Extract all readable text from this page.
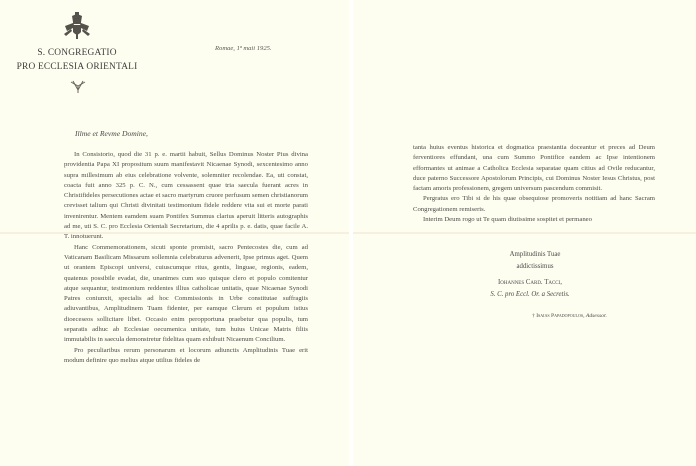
S. CONGREGATIO
PRO ECCLESIA ORIENTALI
Romae, 1ª maii 1925.
Illme et Revme Domine,

In Consistorio, quod die 31 p. e. martii habuit, Sellus Dominus Noster Pius divina providentia Papa XI propositum suum manifestavit Nicaenae Synodi, sexcentesimo anno supra millesimum ab eius celebratione volvente, solemniter recolendae. Ea, uti constat, coacta fuit anno 325 p. C. N., cum cessassent quae tria saecula fuerant acres in Christifideles persecutiones actae et sacro martyrum cruore perfusum semen christianorum crevisset talium qui Christi divinitati testimonium fidele reddere vita sui et morte parati invenirentur. Mentem eamdem suam Pontifex Summus clarius aperuit litteris autographis ad me, uti S. C. pro Ecclesia Orientali Secretarium, die 4 aprilis p. e. datis, quae facile A. T. innotuerunt.

Hanc Commemorationem, sicuti sponte promisit, sacro Pentecostes die, cum ad Vaticanam Basilicam Missarum sollemnia celebraturus advenerit, Ipse primus aget. Quem ut orantem Episcopi universi, cuiuscumque ritus, gentis, linguae, regionis, eadem, quatenus possibile evadat, die, unanimes cum suo quisque clero et populo comitentur atque sequantur, testimonium reddentes illius catholicae unitatis, quae Nicaenae Synodi Patres coniunxit, specialis ad hoc Commissionis in Urbe constitutae suffragiis adiuvantibus, Amplitudinem Tuam fidenter, per eamque Clerum et populum istius dioeceseos sollicitare libet. Occasio enim peropportuna praebetur qua populis, tum separatis adhuc ab Ecclesiae oecumenica unitate, tum huius Unicae Matris filiis immutabilis in saecula demonstretur fidelitas quam exhibuit Nicaenum Concilium.

Pro peculiaribus rerum personarum et locorum adiunctis Amplitudinis Tuae erit modum definire quo melius atque utilius fideles de

tanta huius eventus historica et dogmatica praestantia doceantur et preces ad Deum ferventiores effundant, una cum Summo Pontifice eandem ac Ipse intentionem efformantes ut animae a Catholica Ecclesia separatae quam citius ad Ovile reducantur, duce paterno Successore Apostolorum Principis, cui Dominus Noster Iesus Christus, post factam amoris professionem, gregem universum pascendum commisit.

Pergratus ero Tibi si de his quae obsequiose promoveris notitiam ad hanc Sacram Congregationem remiseris.

Interim Deum rogo ut Te quam diutissime sospitet et permaneo

Amplitudinis Tuae
addictissimus
Iohannes Card. Tacci,
S. C. pro Eccl. Or. a Secretis.
† Isaias Papadopoulos, Adsessor.
